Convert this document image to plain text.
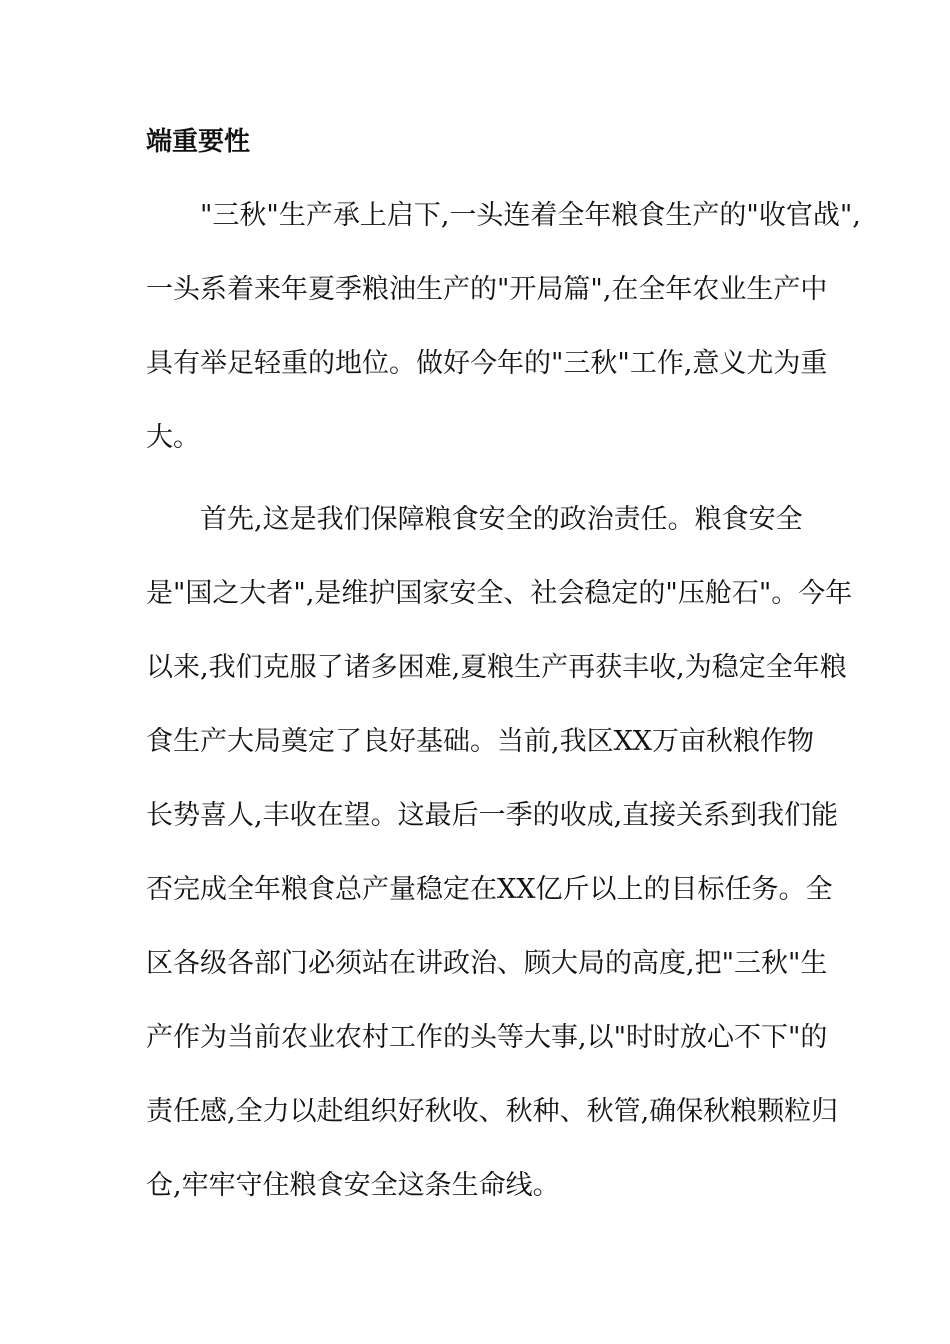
端重要性

"三秋"生产承上启下,一头连着全年粮食生产的"收官战",

一头系着来年夏季粮油生产的"开局篇",在全年农业生产中

具有举足轻重的地位。做好今年的"三秋"工作,意义尤为重

大。

首先,这是我们保障粮食安全的政治责任。粮食安全

是"国之大者",是维护国家安全、社会稳定的"压舱石"。今年

以来,我们克服了诸多困难,夏粮生产再获丰收,为稳定全年粮

食生产大局奠定了良好基础。当前,我区XX万亩秋粮作物

长势喜人,丰收在望。这最后一季的收成,直接关系到我们能

否完成全年粮食总产量稳定在XX亿斤以上的目标任务。全

区各级各部门必须站在讲政治、顾大局的高度,把"三秋"生

产作为当前农业农村工作的头等大事,以"时时放心不下"的

责任感,全力以赴组织好秋收、秋种、秋管,确保秋粮颗粒归

仓,牢牢守住粮食安全这条生命线。
